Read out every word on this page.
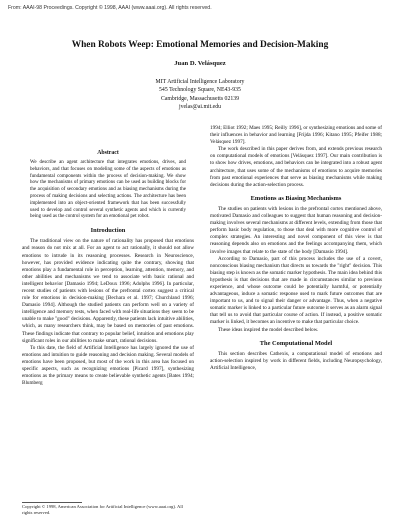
From: AAAI-98 Proceedings. Copyright © 1998, AAAI (www.aaai.org). All rights reserved.
When Robots Weep: Emotional Memories and Decision-Making
Juan D. Velásquez
MIT Artificial Intelligence Laboratory
545 Technology Square, NE43-935
Cambridge, Massachusetts 02139
jvelas@ai.mit.edu
Abstract

We describe an agent architecture that integrates emotions, drives, and behaviors, and that focuses on modeling some of the aspects of emotions as fundamental components within the process of decision-making. We show how the mechanisms of primary emotions can be used as building blocks for the acquisition of secondary emotions and as biasing mechanisms during the process of making decisions and selecting actions. The architecture has been implemented into an object-oriented framework that has been successfully used to develop and control several synthetic agents and which is currently being used as the control system for an emotional pet robot.

Introduction

The traditional view on the nature of rationality has proposed that emotions and reason do not mix at all. For an agent to act rationally, it should not allow emotions to intrude in its reasoning processes. Research in Neuroscience, however, has provided evidence indicating quite the contrary, showing that emotions play a fundamental role in perception, learning, attention, memory, and other abilities and mechanisms we tend to associate with basic rational and intelligent behavior [Damasio 1994; LeDoux 1996; Adolphs 1996]. In particular, recent studies of patients with lesions of the prefrontal cortex suggest a critical role for emotions in decision-making [Bechara et al. 1997; Churchland 1996; Damasio 1994]. Although the studied patients can perform well on a variety of intelligence and memory tests, when faced with real-life situations they seem to be unable to make "good" decisions. Apparently, these patients lack intuitive abilities, which, as many researchers think, may be based on memories of past emotions. These findings indicate that contrary to popular belief, intuition and emotions play significant roles in our abilities to make smart, rational decisions.

To this date, the field of Artificial Intelligence has largely ignored the use of emotions and intuition to guide reasoning and decision making. Several models of emotions have been proposed, but most of the work in this area has focused on specific aspects, such as recognizing emotions [Picard 1997], synthesizing emotions as the primary means to create believable synthetic agents [Bates 1994; Blumberg

1994; Elliot 1992; Maes 1995; Reilly 1996], or synthesizing emotions and some of their influences in behavior and learning [Frijda 1996; Kitano 1995; Pfeifer 1988; Velásquez 1997].

The work described in this paper derives from, and extends previous research on computational models of emotions [Velásquez 1997]. Our main contribution is to show how drives, emotions, and behaviors can be integrated into a robust agent architecture, that uses some of the mechanisms of emotions to acquire memories from past emotional experiences that serve as biasing mechanisms while making decisions during the action-selection process.

Emotions as Biasing Mechanisms

The studies on patients with lesions in the prefrontal cortex mentioned above, motivated Damasio and colleagues to suggest that human reasoning and decision-making involves several mechanisms at different levels, extending from those that perform basic body regulation, to those that deal with more cognitive control of complex strategies. An interesting and novel component of this view is that reasoning depends also on emotions and the feelings accompanying them, which involve images that relate to the state of the body [Damasio 1994].

According to Damasio, part of this process includes the use of a covert, nonconscious biasing mechanism that directs us towards the "right" decision. This biasing step is known as the somatic marker hypothesis. The main idea behind this hypothesis is that decisions that are made in circumstances similar to previous experience, and whose outcome could be potentially harmful, or potentially advantageous, induce a somatic response used to mark future outcomes that are important to us, and to signal their danger or advantage. Thus, when a negative somatic marker is linked to a particular future outcome it serves as an alarm signal that tell us to avoid that particular course of action. If instead, a positive somatic marker is linked, it becomes an incentive to make that particular choice.

These ideas inspired the model described below.

The Computational Model

This section describes Cathexis, a computational model of emotions and action-selection inspired by work in different fields, including Neuropsychology, Artificial Intelligence,

Copyright © 1998, American Association for Artificial Intelligence (www.aaai.org). All rights reserved.
